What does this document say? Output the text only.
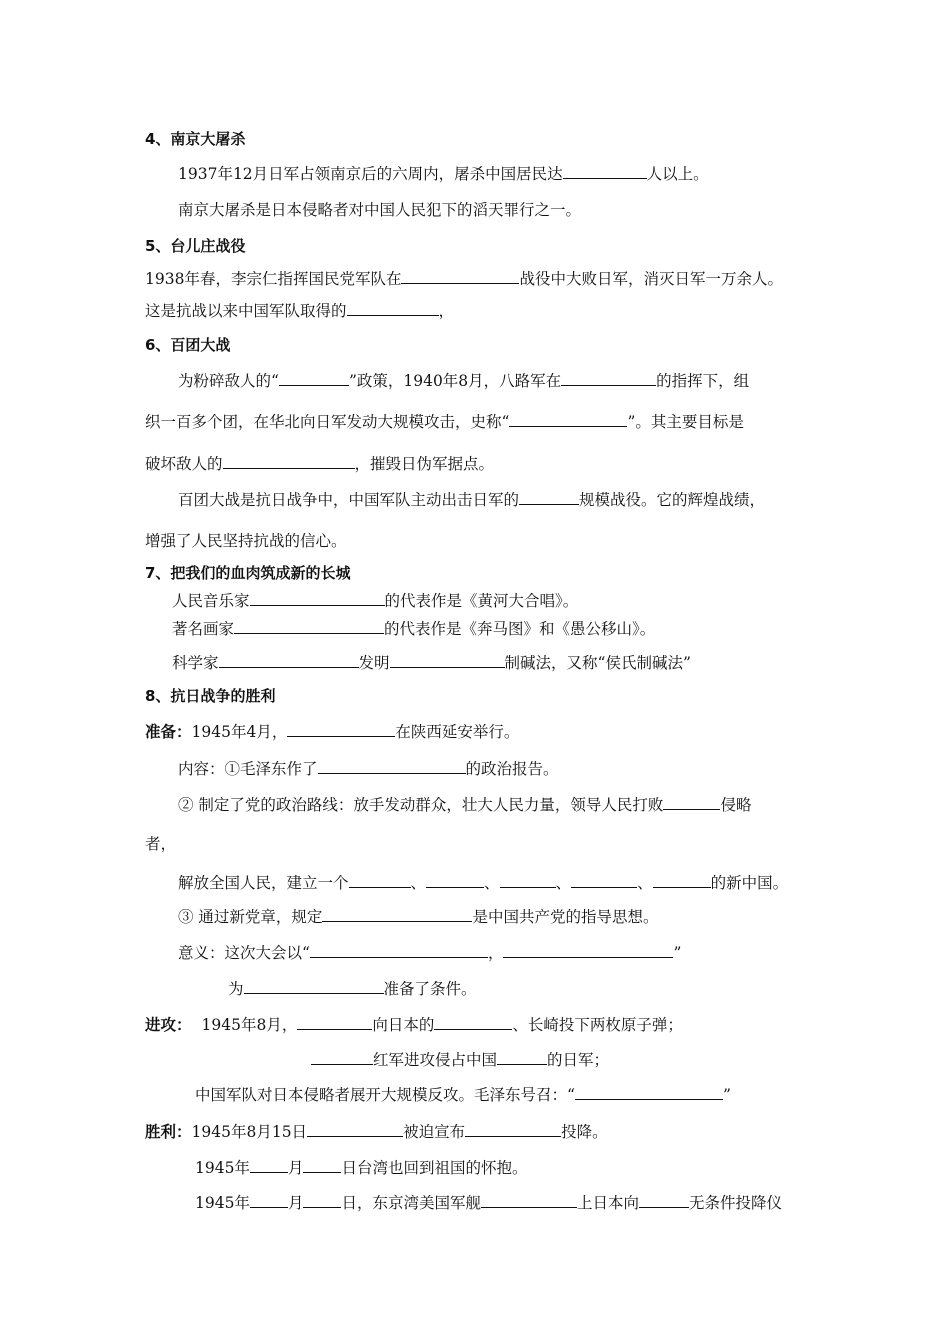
4、南京大屠杀
1937年12月日军占领南京后的六周内，屠杀中国居民达	人以上。
南京大屠杀是日本侵略者对中国人民犯下的滔天罪行之一。
5、台儿庄战役
1938年春，李宗仁指挥国民党军队在	战役中大败日军，消灭日军一万余人。
这是抗战以来中国军队取得的	，
6、百团大战
为粉碎敌人的“	”政策，1940年8月，八路军在	的指挥下，组
织一百多个团，在华北向日军发动大规模攻击，史称“	”。其主要目标是
破坏敌人的	，摧毁日伪军据点。
百团大战是抗日战争中，中国军队主动出击日军的	规模战役。它的辉煌战绩，
增强了人民坚持抗战的信心。
7、把我们的血肉筑成新的长城
人民音乐家	的代表作是《黄河大合唱》。
著名画家	的代表作是《奔马图》和《愚公移山》。
科学家	发明	制碱法，又称“侯氏制碱法”
8、抗日战争的胜利
准备：1945年4月，	在陕西延安举行。
内容：①毛泽东作了	的政治报告。
② 制定了党的政治路线：放手发动群众，壮大人民力量，领导人民打败	侵略
者，
解放全国人民，建立一个	、	、	、	、	的新中国。
③ 通过新党章，规定	是中国共产党的指导思想。
意义：这次大会以“	，	”
为	准备了条件。
进攻： 1945年8月，	向日本的	、长崎投下两枚原子弹；
红军进攻侵占中国	的日军；
中国军队对日本侵略者展开大规模反攻。毛泽东号召：“	”
胜利：1945年8月15日	被迫宣布	投降。
1945年 月 日台湾也回到祖国的怀抱。
1945年 月 日，东京湾美国军舰	上日本向	无条件投降仪
